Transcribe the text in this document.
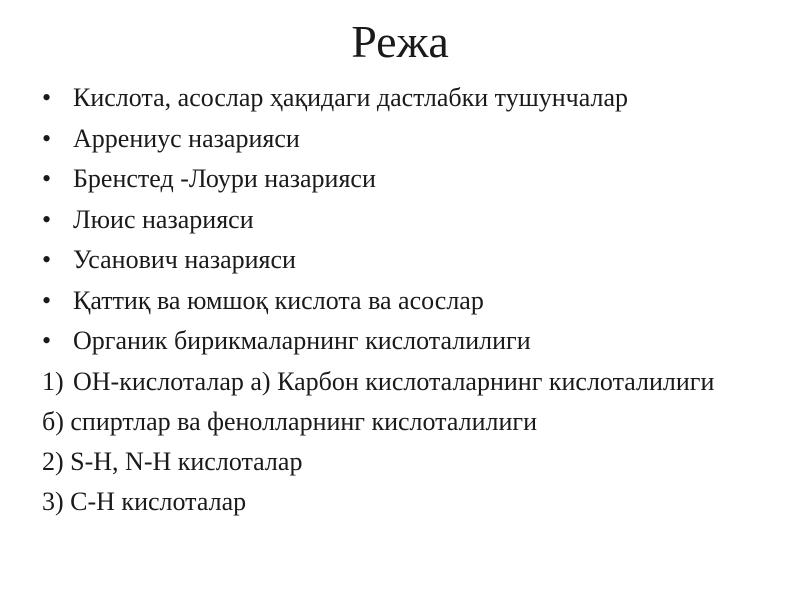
Режа
• Кислота, асослар ҳақидаги дастлабки тушунчалар
• Аррениус назарияси
• Бренстед -Лоури назарияси
• Люис назарияси
• Усанович назарияси
• Қаттиқ ва юмшоқ кислота ва асослар
• Органик бирикмаларнинг кислоталилиги
1) ОН-кислоталар а) Карбон кислоталарнинг кислоталилиги
б) спиртлар ва фенолларнинг кислоталилиги
2) S-H, N-H кислоталар
3) С-Н кислоталар
